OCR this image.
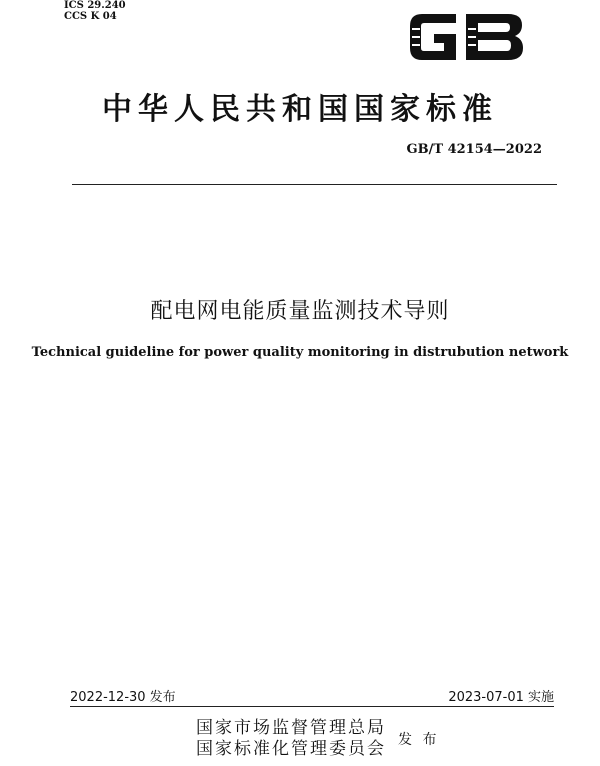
ICS 29.240
CCS K 04
中华人民共和国国家标准
GB/T 42154—2022
配电网电能质量监测技术导则
Technical guideline for power quality monitoring in distrubution network
2022-12-30 发布	2023-07-01 实施
国家市场监督管理总局
国家标准化管理委员会 发 布
